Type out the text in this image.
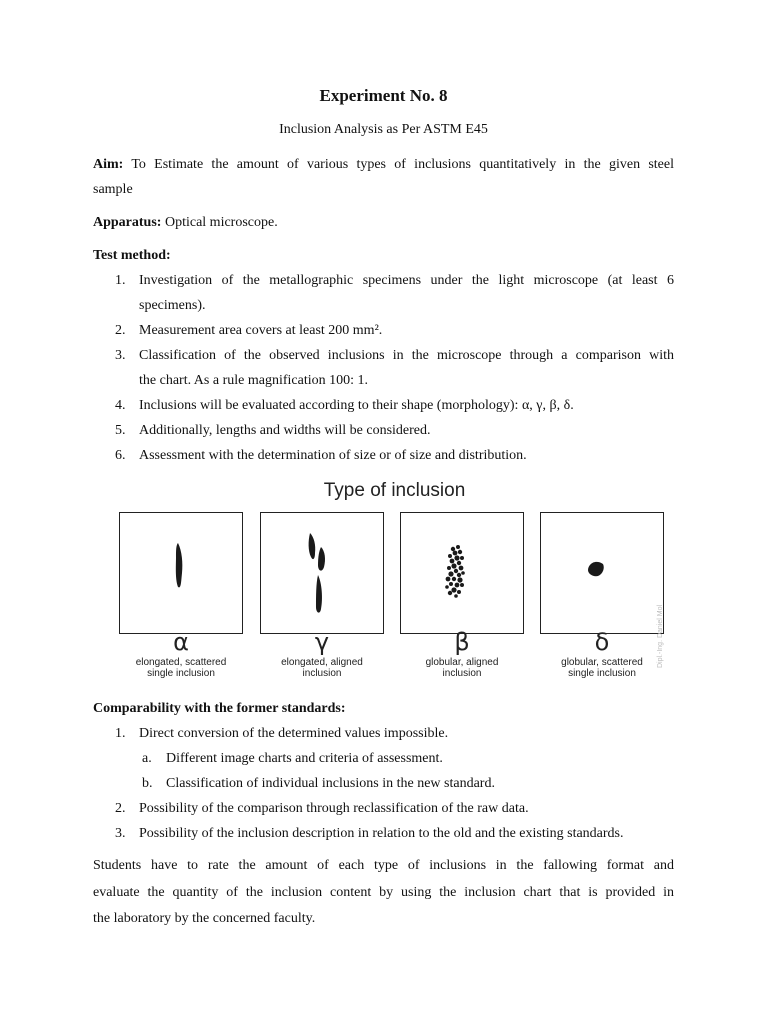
Experiment No. 8
Inclusion Analysis as Per ASTM E45
Aim: To Estimate the amount of various types of inclusions quantitatively in the given steel
sample
Apparatus: Optical microscope.
Test method:
1. Investigation of the metallographic specimens under the light microscope (at least 6
specimens).
2. Measurement area covers at least 200 mm².
3. Classification of the observed inclusions in the microscope through a comparison with
the chart. As a rule magnification 100: 1.
4. Inclusions will be evaluated according to their shape (morphology): α, γ, β, δ.
5. Additionally, lengths and widths will be considered.
6. Assessment with the determination of size or of size and distribution.
Comparability with the former standards:
1. Direct conversion of the determined values impossible.
a. Different image charts and criteria of assessment.
b. Classification of individual inclusions in the new standard.
2. Possibility of the comparison through reclassification of the raw data.
3. Possibility of the inclusion description in relation to the old and the existing standards.
Students have to rate the amount of each type of inclusions in the fallowing format and
evaluate the quantity of the inclusion content by using the inclusion chart that is provided in
the laboratory by the concerned faculty.
Type of inclusion
α
elongated, scattered
single inclusion
γ
elongated, aligned
inclusion
β
globular, aligned
inclusion
δ
globular, scattered
single inclusion
Dipl.-Ing. Daniel Mol
